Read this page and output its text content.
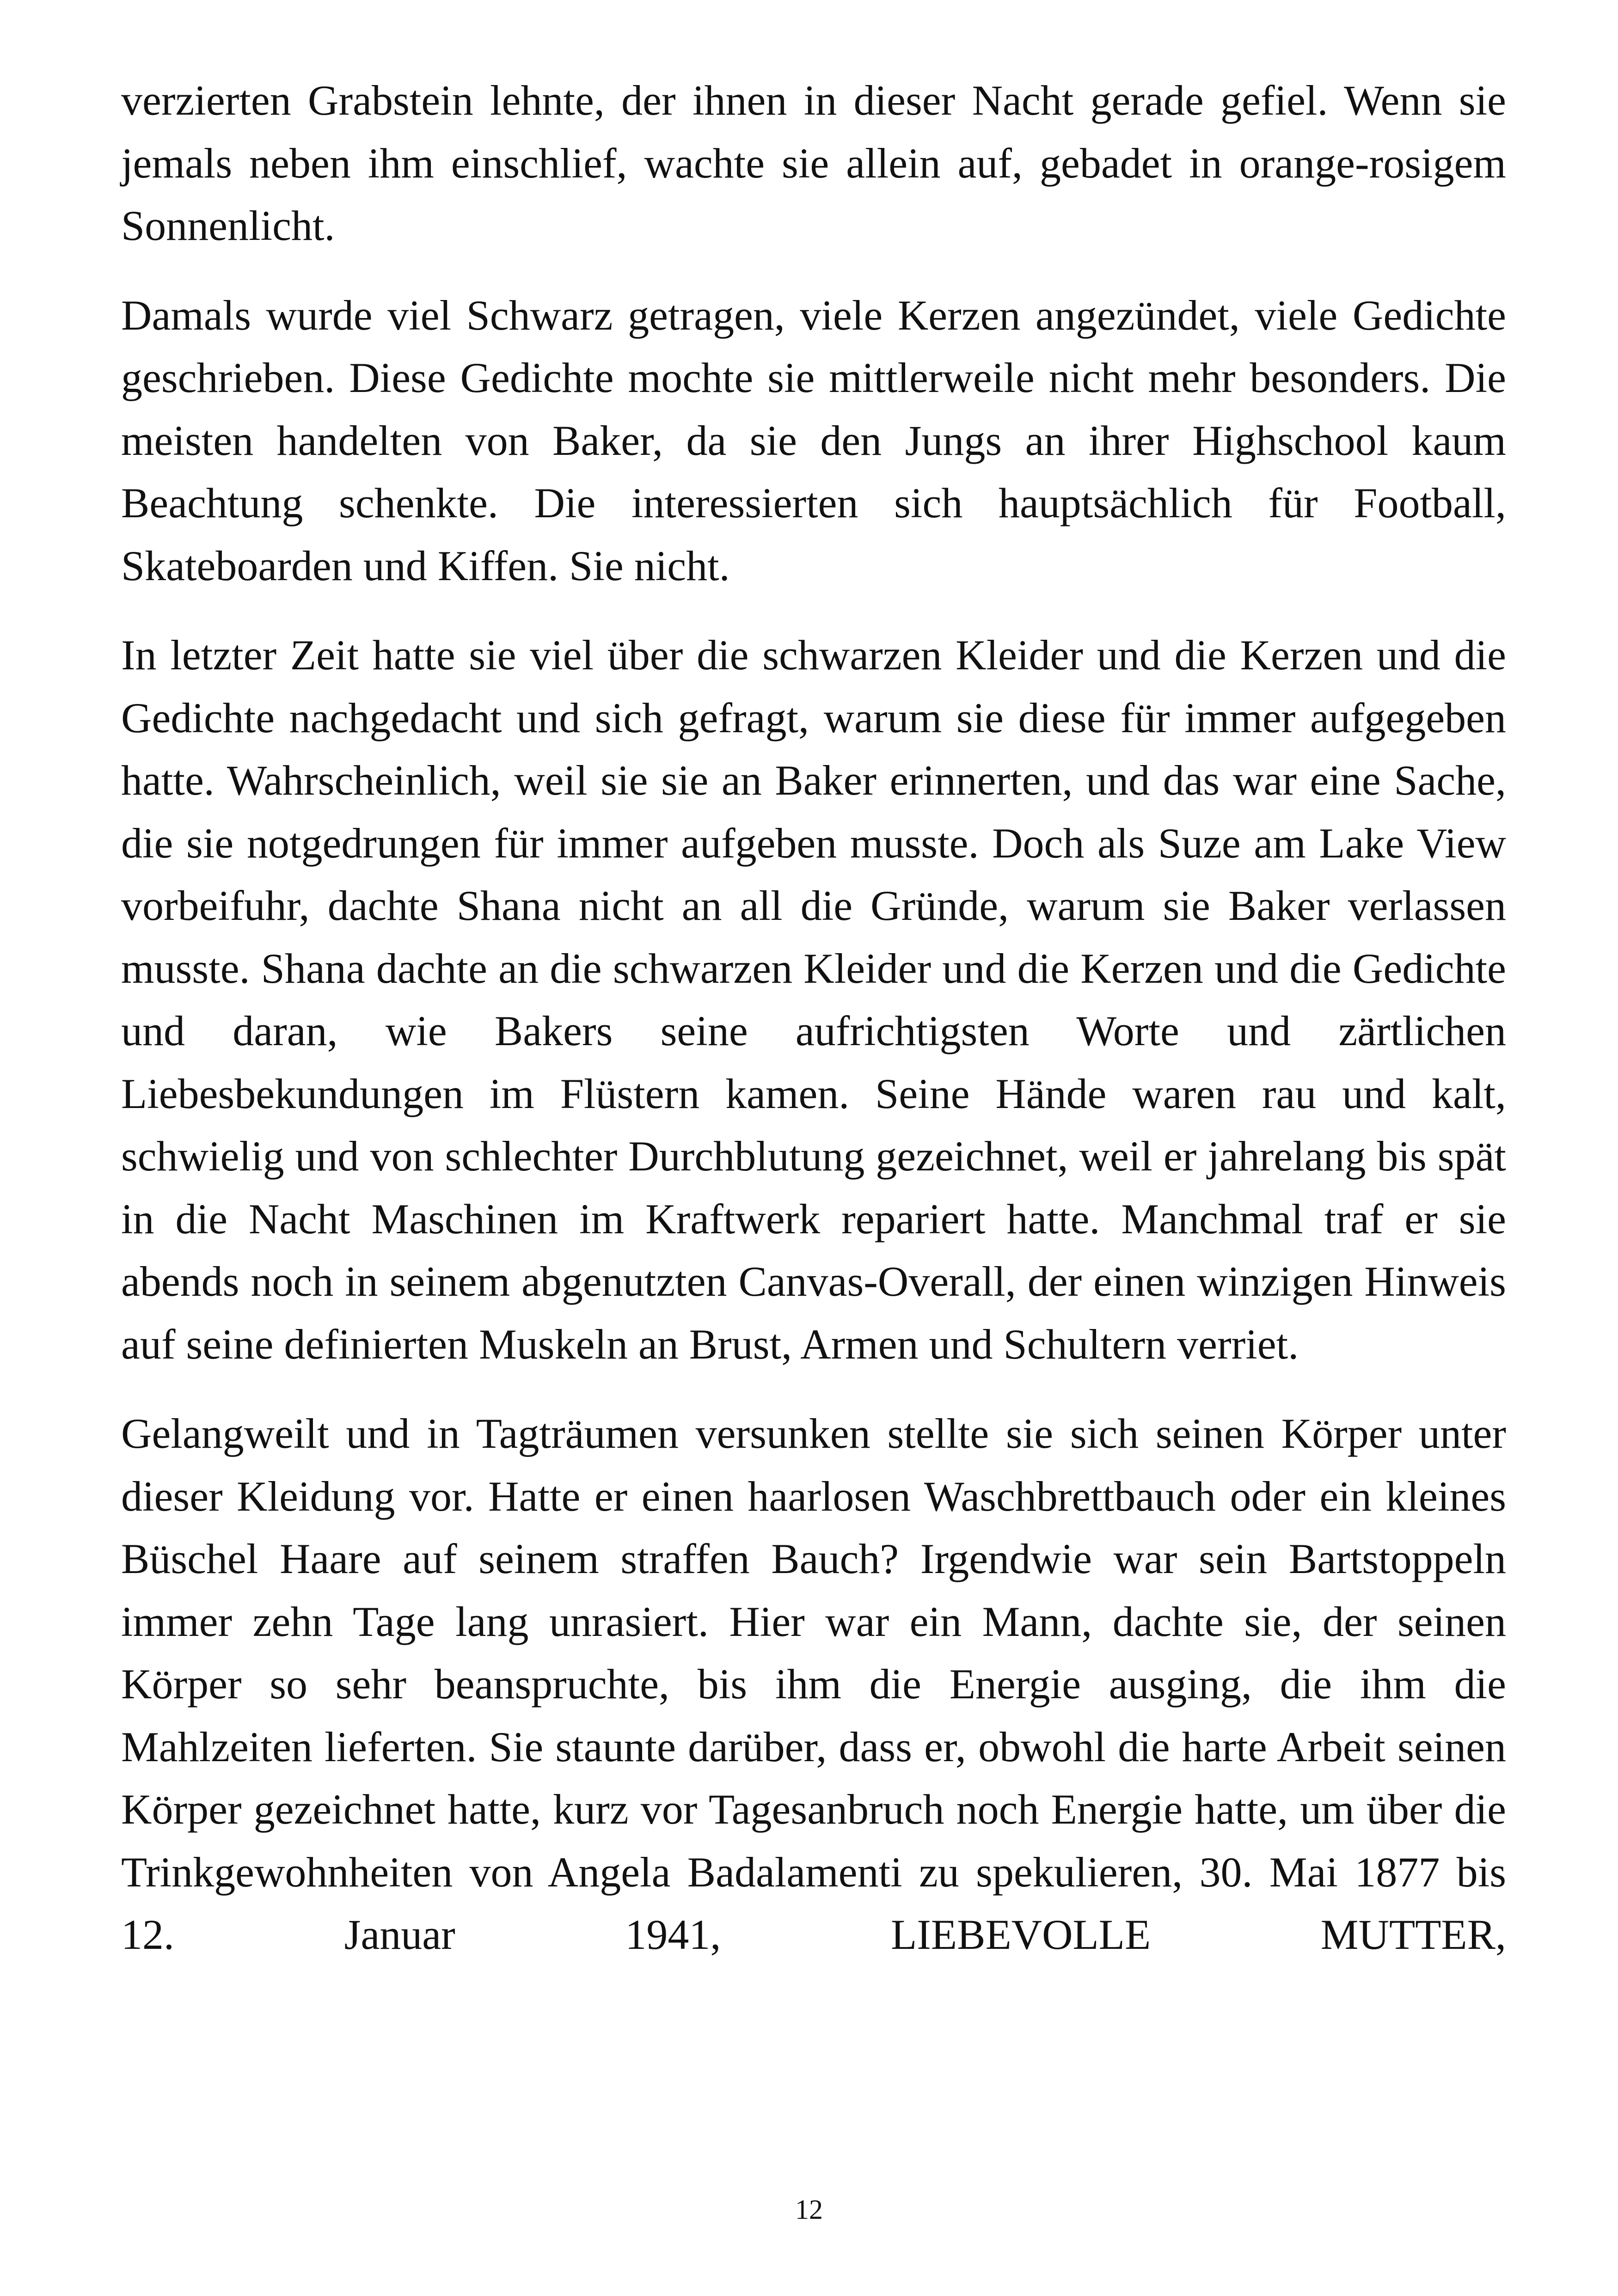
verzierten Grabstein lehnte, der ihnen in dieser Nacht gerade gefiel. Wenn sie jemals neben ihm einschlief, wachte sie allein auf, gebadet in orange-rosigem Sonnenlicht.

Damals wurde viel Schwarz getragen, viele Kerzen angezündet, viele Gedichte geschrieben. Diese Gedichte mochte sie mittlerweile nicht mehr besonders. Die meisten handelten von Baker, da sie den Jungs an ihrer Highschool kaum Beachtung schenkte. Die interessierten sich hauptsächlich für Football, Skateboarden und Kiffen. Sie nicht.

In letzter Zeit hatte sie viel über die schwarzen Kleider und die Kerzen und die Gedichte nachgedacht und sich gefragt, warum sie diese für immer aufgegeben hatte. Wahrscheinlich, weil sie sie an Baker erinnerten, und das war eine Sache, die sie notgedrungen für immer aufgeben musste. Doch als Suze am Lake View vorbeifuhr, dachte Shana nicht an all die Gründe, warum sie Baker verlassen musste. Shana dachte an die schwarzen Kleider und die Kerzen und die Gedichte und daran, wie Bakers seine aufrichtigsten Worte und zärtlichen Liebesbekundungen im Flüstern kamen. Seine Hände waren rau und kalt, schwielig und von schlechter Durchblutung gezeichnet, weil er jahrelang bis spät in die Nacht Maschinen im Kraftwerk repariert hatte. Manchmal traf er sie abends noch in seinem abgenutzten Canvas-Overall, der einen winzigen Hinweis auf seine definierten Muskeln an Brust, Armen und Schultern verriet.

Gelangweilt und in Tagträumen versunken stellte sie sich seinen Körper unter dieser Kleidung vor. Hatte er einen haarlosen Waschbrettbauch oder ein kleines Büschel Haare auf seinem straffen Bauch? Irgendwie war sein Bartstoppeln immer zehn Tage lang unrasiert. Hier war ein Mann, dachte sie, der seinen Körper so sehr beanspruchte, bis ihm die Energie ausging, die ihm die Mahlzeiten lieferten. Sie staunte darüber, dass er, obwohl die harte Arbeit seinen Körper gezeichnet hatte, kurz vor Tagesanbruch noch Energie hatte, um über die Trinkgewohnheiten von Angela Badalamenti zu spekulieren, 30. Mai 1877 bis 12. Januar 1941, LIEBEVOLLE MUTTER,

12
